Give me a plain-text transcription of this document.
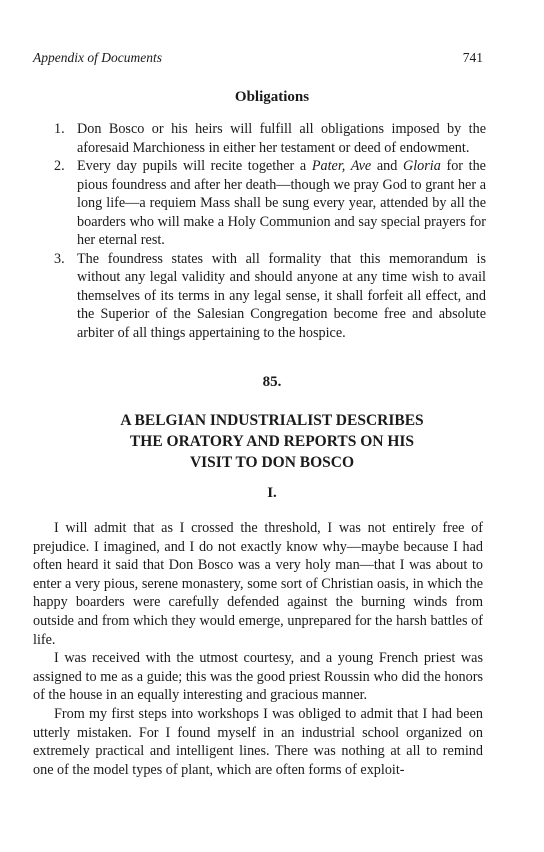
Appendix of Documents	741
Obligations
1. Don Bosco or his heirs will fulfill all obligations imposed by the aforesaid Marchioness in either her testament or deed of endowment.
2. Every day pupils will recite together a Pater, Ave and Gloria for the pious foundress and after her death—though we pray God to grant her a long life—a requiem Mass shall be sung every year, attended by all the boarders who will make a Holy Communion and say special prayers for her eternal rest.
3. The foundress states with all formality that this memorandum is without any legal validity and should anyone at any time wish to avail themselves of its terms in any legal sense, it shall forfeit all effect, and the Superior of the Salesian Congregation become free and absolute arbiter of all things appertaining to the hospice.
85.
A BELGIAN INDUSTRIALIST DESCRIBES
THE ORATORY AND REPORTS ON HIS
VISIT TO DON BOSCO
I.

I will admit that as I crossed the threshold, I was not entirely free of prejudice. I imagined, and I do not exactly know why—maybe because I had often heard it said that Don Bosco was a very holy man—that I was about to enter a very pious, serene monastery, some sort of Christian oasis, in which the happy boarders were carefully defended against the burning winds from outside and from which they would emerge, unprepared for the harsh battles of life.

I was received with the utmost courtesy, and a young French priest was assigned to me as a guide; this was the good priest Roussin who did the honors of the house in an equally interesting and gracious manner.

From my first steps into workshops I was obliged to admit that I had been utterly mistaken. For I found myself in an industrial school organized on extremely practical and intelligent lines. There was nothing at all to remind one of the model types of plant, which are often forms of exploit-
